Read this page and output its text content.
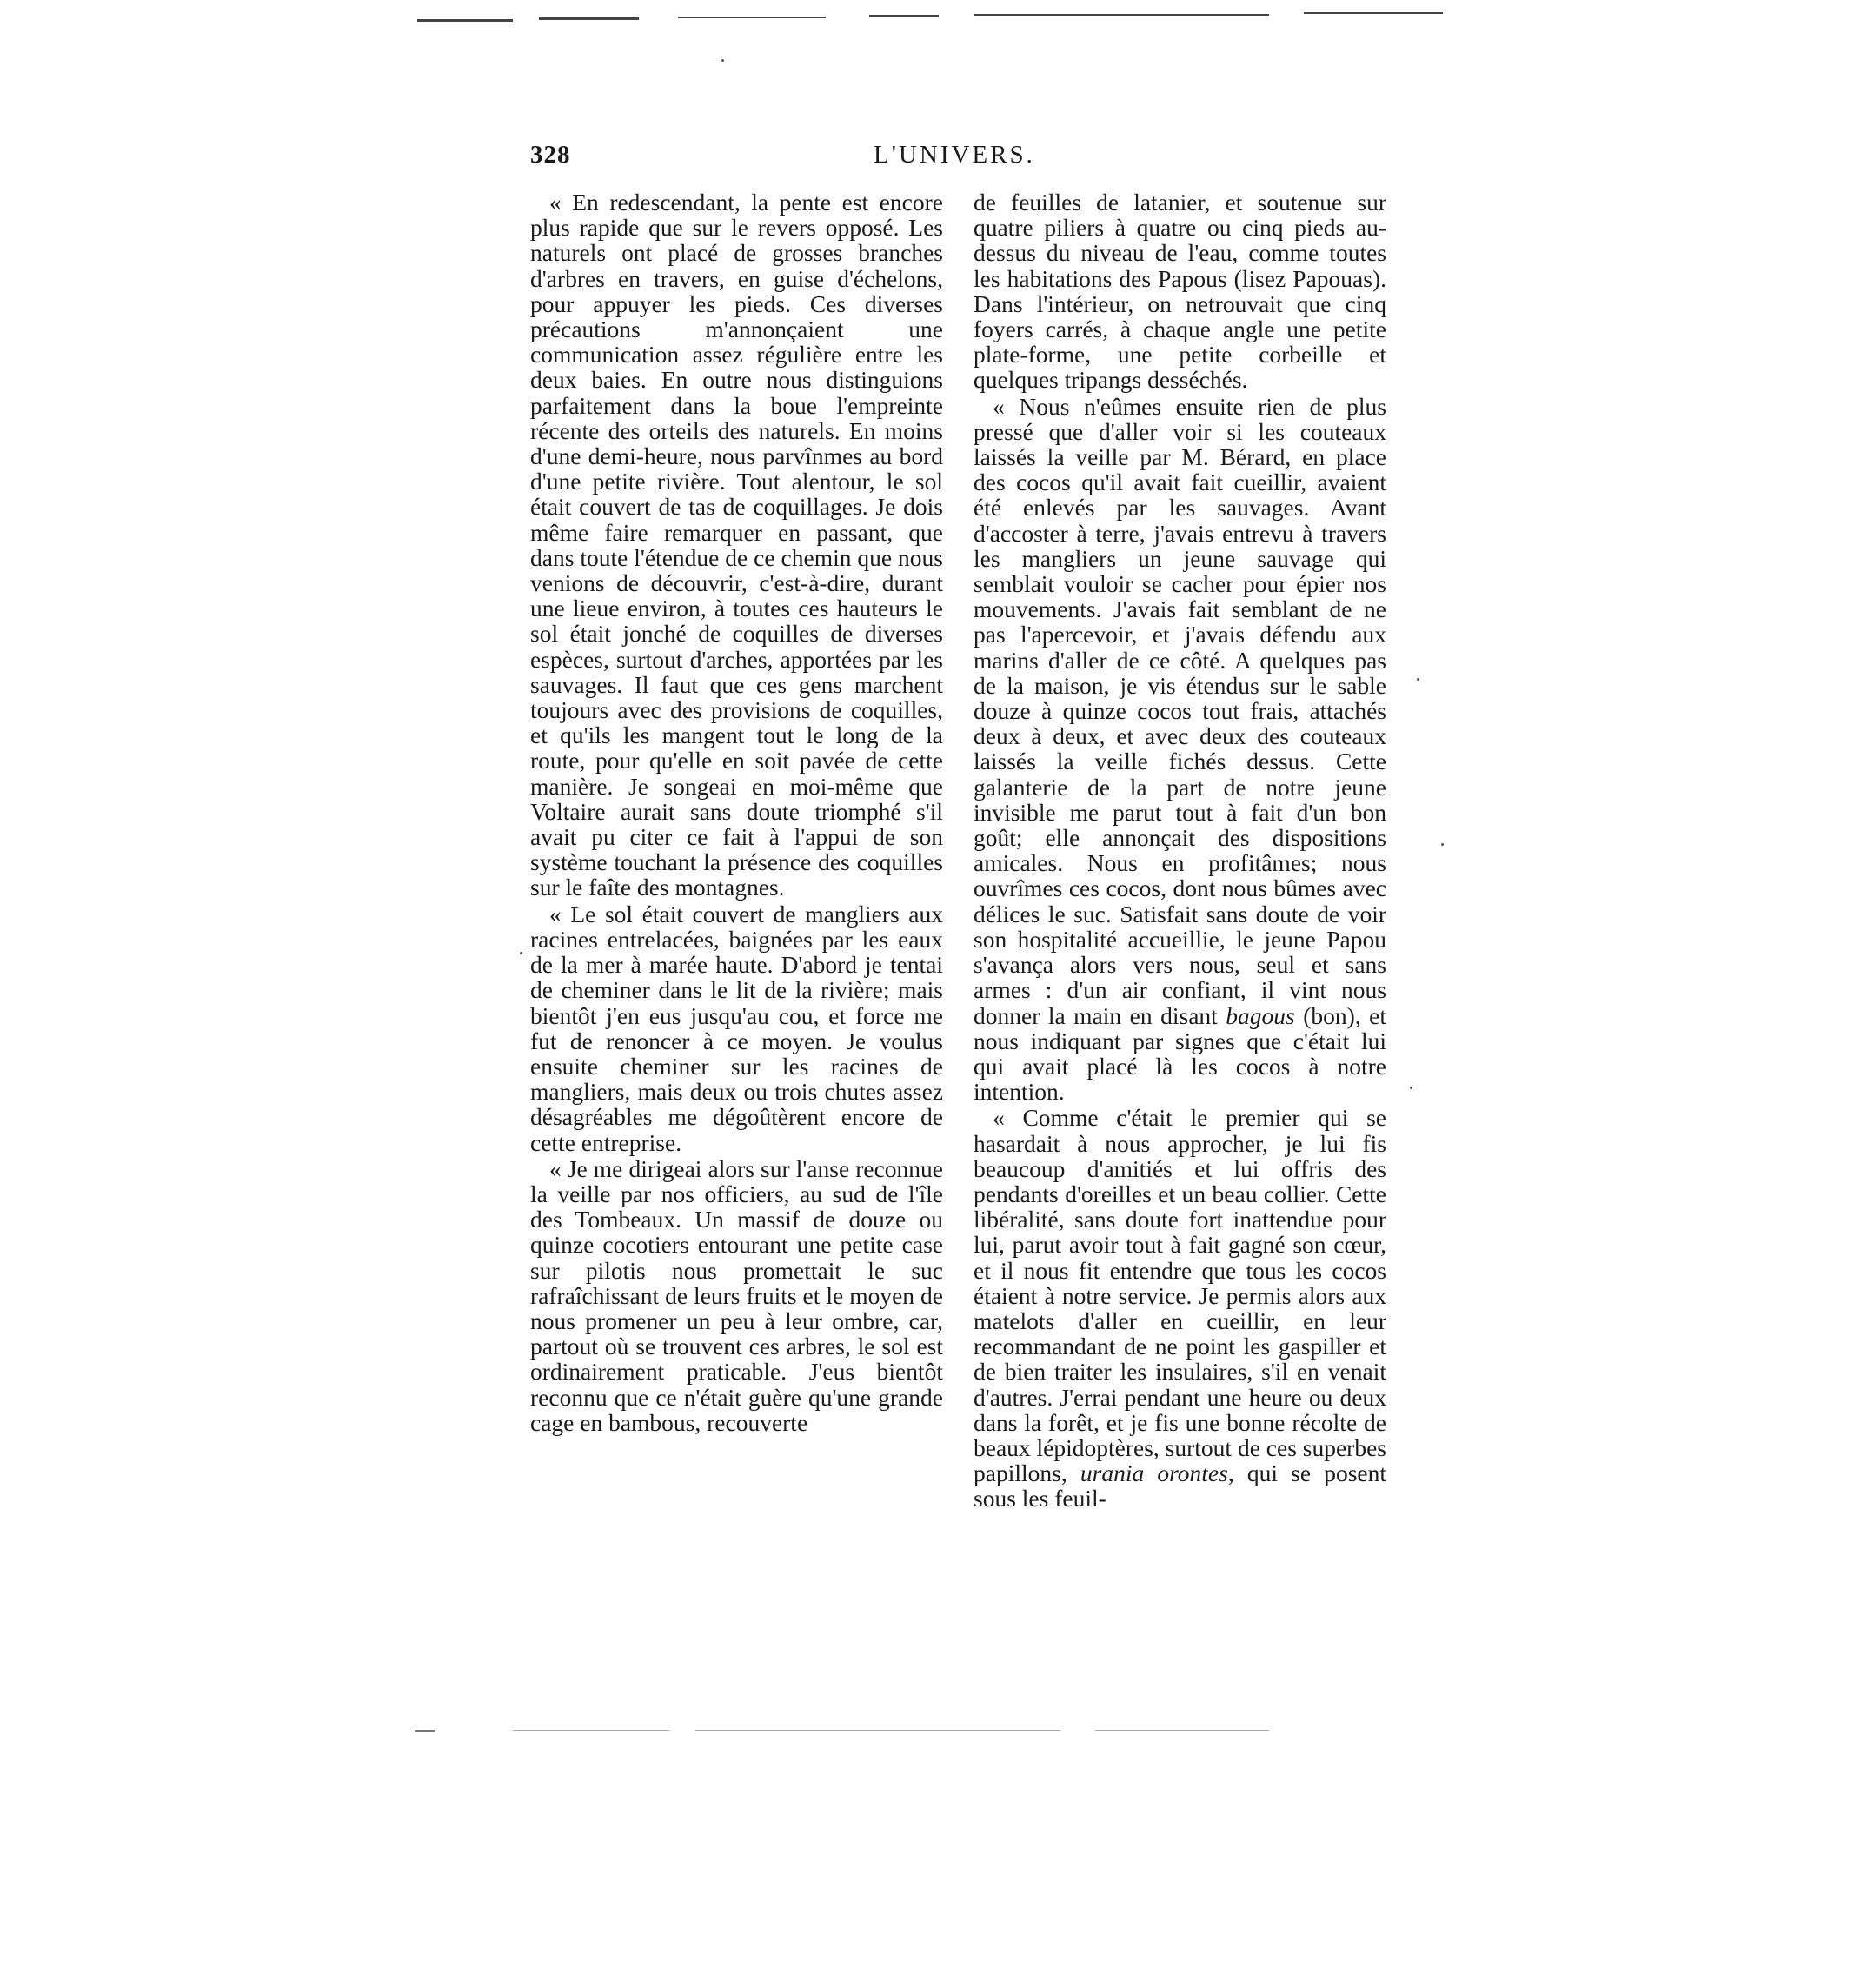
328	L'UNIVERS.

« En redescendant, la pente est encore plus rapide que sur le revers opposé. Les naturels ont placé de grosses branches d'arbres en travers, en guise d'échelons, pour appuyer les pieds. Ces diverses précautions m'annonçaient une communication assez régulière entre les deux baies. En outre nous distinguions parfaitement dans la boue l'empreinte récente des orteils des naturels. En moins d'une demi-heure, nous parvînmes au bord d'une petite rivière. Tout alentour, le sol était couvert de tas de coquillages. Je dois même faire remarquer en passant, que dans toute l'étendue de ce chemin que nous venions de découvrir, c'est-à-dire, durant une lieue environ, à toutes ces hauteurs le sol était jonché de coquilles de diverses espèces, surtout d'arches, apportées par les sauvages. Il faut que ces gens marchent toujours avec des provisions de coquilles, et qu'ils les mangent tout le long de la route, pour qu'elle en soit pavée de cette manière. Je songeai en moi-même que Voltaire aurait sans doute triomphé s'il avait pu citer ce fait à l'appui de son système touchant la présence des coquilles sur le faîte des montagnes.

« Le sol était couvert de mangliers aux racines entrelacées, baignées par les eaux de la mer à marée haute. D'abord je tentai de cheminer dans le lit de la rivière; mais bientôt j'en eus jusqu'au cou, et force me fut de renoncer à ce moyen. Je voulus ensuite cheminer sur les racines de mangliers, mais deux ou trois chutes assez désagréables me dégoûtèrent encore de cette entreprise.

« Je me dirigeai alors sur l'anse reconnue la veille par nos officiers, au sud de l'île des Tombeaux. Un massif de douze ou quinze cocotiers entourant une petite case sur pilotis nous promettait le suc rafraîchissant de leurs fruits et le moyen de nous promener un peu à leur ombre, car, partout où se trouvent ces arbres, le sol est ordinairement praticable. J'eus bientôt reconnu que ce n'était guère qu'une grande cage en bambous, recouverte

de feuilles de latanier, et soutenue sur quatre piliers à quatre ou cinq pieds au-dessus du niveau de l'eau, comme toutes les habitations des Papous (lisez Papouas). Dans l'intérieur, on netrouvait que cinq foyers carrés, à chaque angle une petite plate-forme, une petite corbeille et quelques tripangs desséchés.

« Nous n'eûmes ensuite rien de plus pressé que d'aller voir si les couteaux laissés la veille par M. Bérard, en place des cocos qu'il avait fait cueillir, avaient été enlevés par les sauvages. Avant d'accoster à terre, j'avais entrevu à travers les mangliers un jeune sauvage qui semblait vouloir se cacher pour épier nos mouvements. J'avais fait semblant de ne pas l'apercevoir, et j'avais défendu aux marins d'aller de ce côté. A quelques pas de la maison, je vis étendus sur le sable douze à quinze cocos tout frais, attachés deux à deux, et avec deux des couteaux laissés la veille fichés dessus. Cette galanterie de la part de notre jeune invisible me parut tout à fait d'un bon goût; elle annonçait des dispositions amicales. Nous en profitâmes; nous ouvrîmes ces cocos, dont nous bûmes avec délices le suc. Satisfait sans doute de voir son hospitalité accueillie, le jeune Papou s'avança alors vers nous, seul et sans armes : d'un air confiant, il vint nous donner la main en disant bagous (bon), et nous indiquant par signes que c'était lui qui avait placé là les cocos à notre intention.

« Comme c'était le premier qui se hasardait à nous approcher, je lui fis beaucoup d'amitiés et lui offris des pendants d'oreilles et un beau collier. Cette libéralité, sans doute fort inattendue pour lui, parut avoir tout à fait gagné son cœur, et il nous fit entendre que tous les cocos étaient à notre service. Je permis alors aux matelots d'aller en cueillir, en leur recommandant de ne point les gaspiller et de bien traiter les insulaires, s'il en venait d'autres. J'errai pendant une heure ou deux dans la forêt, et je fis une bonne récolte de beaux lépidoptères, surtout de ces superbes papillons, urania orontes, qui se posent sous les feuil-
